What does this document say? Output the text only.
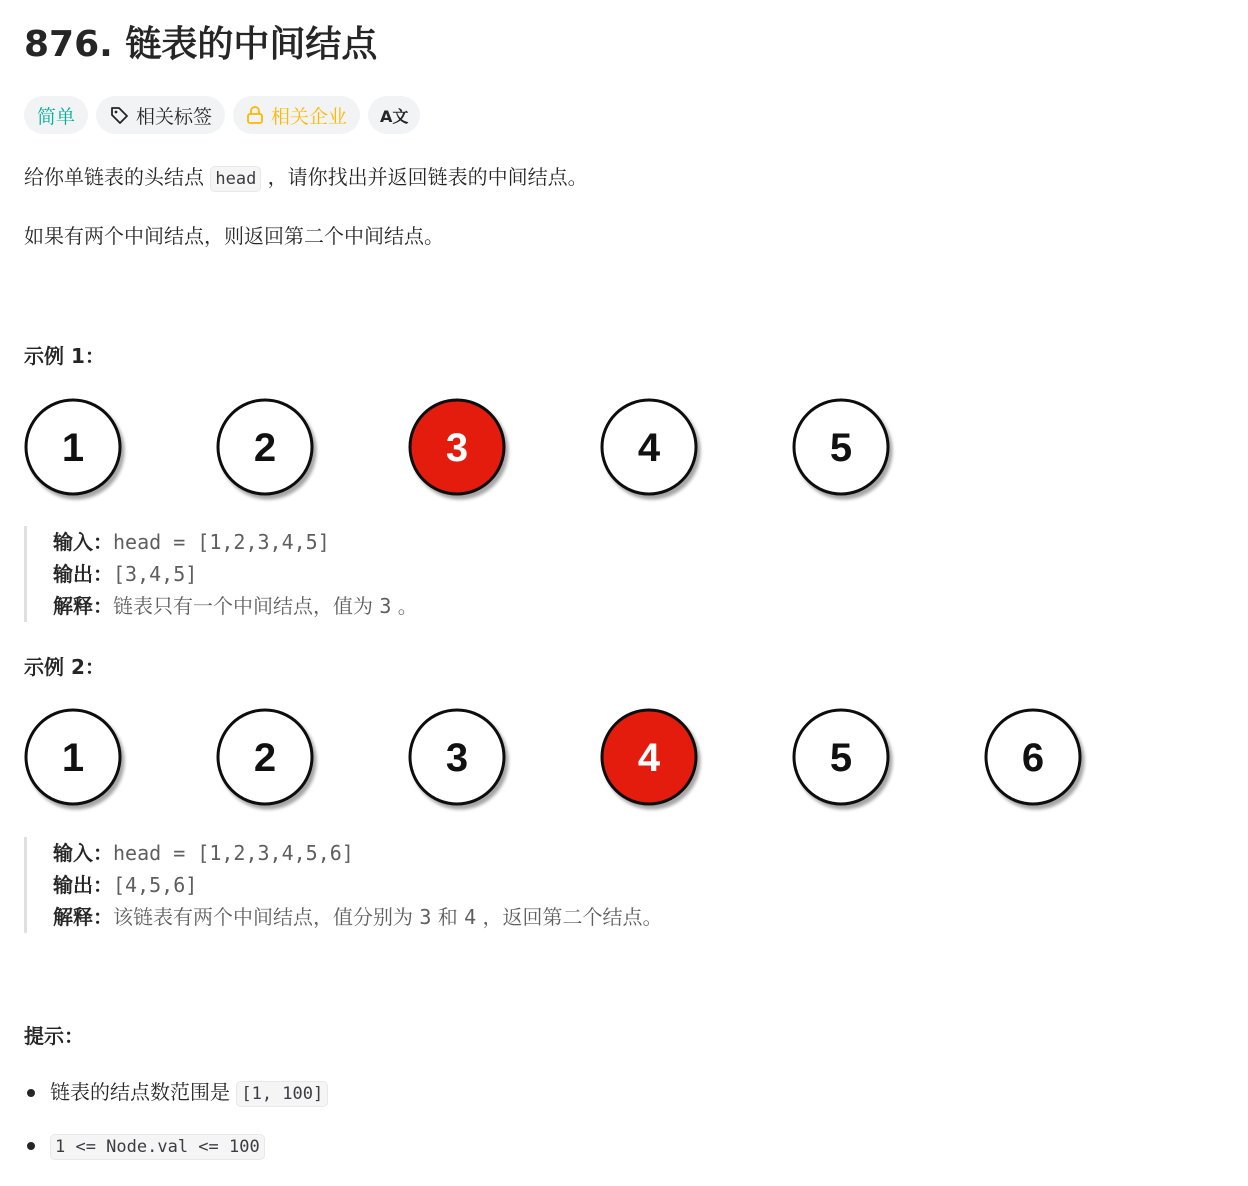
876. 链表的中间结点
简单	相关标签	相关企业 A文

给你单链表的头结点 head ，请你找出并返回链表的中间结点。

如果有两个中间结点，则返回第二个中间结点。

示例 1：
1	2	3	4	5
输入：head = [1,2,3,4,5]
输出：[3,4,5]
解释：链表只有一个中间结点，值为 3 。
示例 2：
1	2	3	4	5	6
输入：head = [1,2,3,4,5,6]
输出：[4,5,6]
解释：该链表有两个中间结点，值分别为 3 和 4 ，返回第二个结点。
提示：
链表的结点数范围是 [1, 100]
1 <= Node.val <= 100
